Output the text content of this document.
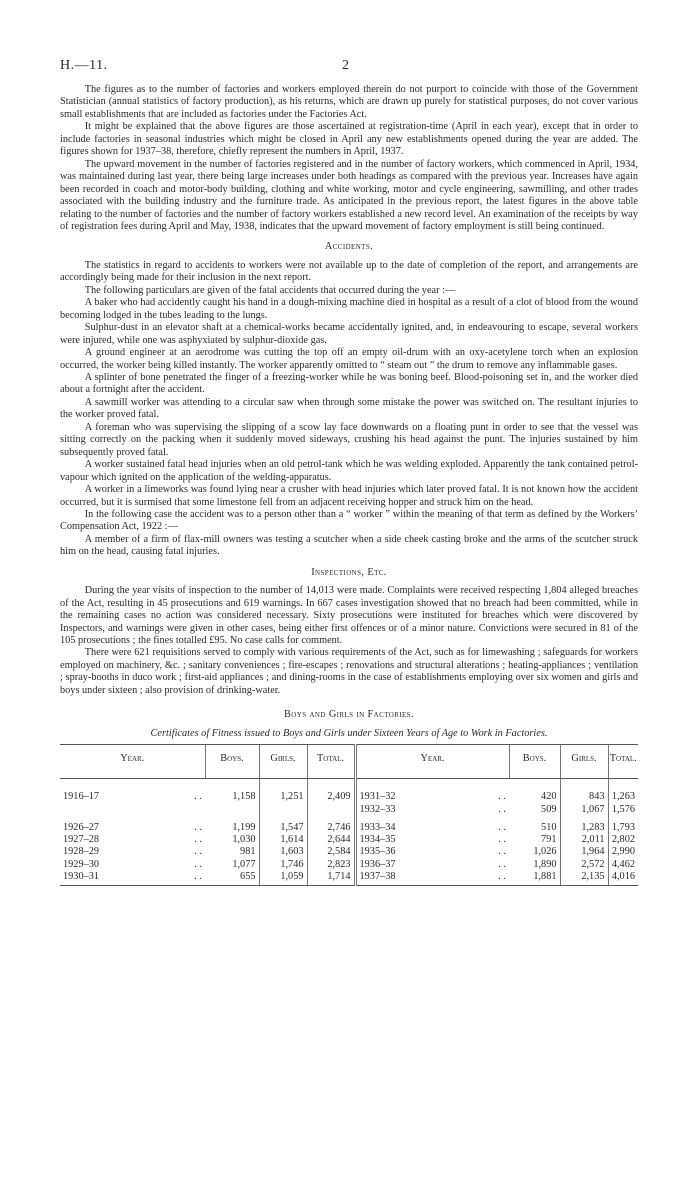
H.—11.	2

The figures as to the number of factories and workers employed therein do not purport to coincide with those of the Government Statistician (annual statistics of factory production), as his returns, which are drawn up purely for statistical purposes, do not cover various small establishments that are included as factories under the Factories Act.

It might be explained that the above figures are those ascertained at registration-time (April in each year), except that in order to include factories in seasonal industries which might be closed in April any new establishments opened during the year are added. The figures shown for 1937–38, therefore, chiefly represent the numbers in April, 1937.

The upward movement in the number of factories registered and in the number of factory workers, which commenced in April, 1934, was maintained during last year, there being large increases under both headings as compared with the previous year. Increases have again been recorded in coach and motor-body building, clothing and white working, motor and cycle engineering, sawmilling, and other trades associated with the building industry and the furniture trade. As anticipated in the previous report, the latest figures in the above table relating to the number of factories and the number of factory workers established a new record level. An examination of the receipts by way of registration fees during April and May, 1938, indicates that the upward movement of factory employment is still being continued.

Accidents.

The statistics in regard to accidents to workers were not available up to the date of completion of the report, and arrangements are accordingly being made for their inclusion in the next report.

The following particulars are given of the fatal accidents that occurred during the year :—

A baker who had accidently caught his hand in a dough-mixing machine died in hospital as a result of a clot of blood from the wound becoming lodged in the tubes leading to the lungs.

Sulphur-dust in an elevator shaft at a chemical-works became accidentally ignited, and, in endeavouring to escape, several workers were injured, while one was asphyxiated by sulphur-dioxide gas.

A ground engineer at an aerodrome was cutting the top off an empty oil-drum with an oxy-acetylene torch when an explosion occurred, the worker being killed instantly. The worker apparently omitted to “ steam out ” the drum to remove any inflammable gases.

A splinter of bone penetrated the finger of a freezing-worker while he was boning beef. Blood-poisoning set in, and the worker died about a fortnight after the accident.

A sawmill worker was attending to a circular saw when through some mistake the power was switched on. The resultant injuries to the worker proved fatal.

A foreman who was supervising the slipping of a scow lay face downwards on a floating punt in order to see that the vessel was sitting correctly on the packing when it suddenly moved sideways, crushing his head against the punt. The injuries sustained by him subsequently proved fatal.

A worker sustained fatal head injuries when an old petrol-tank which he was welding exploded. Apparently the tank contained petrol-vapour which ignited on the application of the welding-apparatus.

A worker in a limeworks was found lying near a crusher with head injuries which later proved fatal. It is not known how the accident occurred, but it is surmised that some limestone fell from an adjacent receiving hopper and struck him on the head.

In the following case the accident was to a person other than a “ worker ” within the meaning of that term as defined by the Workers’ Compensation Act, 1922 :—

A member of a firm of flax-mill owners was testing a scutcher when a side cheek casting broke and the arms of the scutcher struck him on the head, causing fatal injuries.

Inspections, Etc.

During the year visits of inspection to the number of 14,013 were made. Complaints were received respecting 1,804 alleged breaches of the Act, resulting in 45 prosecutions and 619 warnings. In 667 cases investigation showed that no breach had been committed, while in the remaining cases no action was considered necessary. Sixty prosecutions were instituted for breaches which were discovered by Inspectors, and warnings were given in other cases, being either first offences or of a minor nature. Convictions were secured in 81 of the 105 prosecutions ; the fines totalled £95. No case calls for comment.

There were 621 requisitions served to comply with various requirements of the Act, such as for limewashing ; safeguards for workers employed on machinery, &c. ; sanitary conveniences ; fire-escapes ; renovations and structural alterations ; heating-appliances ; ventilation ; spray-booths in duco work ; first-aid appliances ; and dining-rooms in the case of establishments employing over six women and girls and boys under sixteen ; also provision of drinking-water.

Boys and Girls in Factories.
Certificates of Fitness issued to Boys and Girls under Sixteen Years of Age to Work in Factories.
Year.		Boys.	Girls.	Total.	Year.		Boys.	Girls.	Total.
1916–17	. .	1,158	1,251	2,409	1931–32	. .	420	843	1,263
					1932–33	. .	509	1,067	1,576
1926–27	. .	1,199	1,547	2,746	1933–34	. .	510	1,283	1,793
1927–28	. .	1,030	1,614	2,644	1934–35	. .	791	2,011	2,802
1928–29	. .	981	1,603	2,584	1935–36	. .	1,026	1,964	2,990
1929–30	. .	1,077	1,746	2,823	1936–37	. .	1,890	2,572	4,462
1930–31	. .	655	1,059	1,714	1937–38	. .	1,881	2,135	4,016
